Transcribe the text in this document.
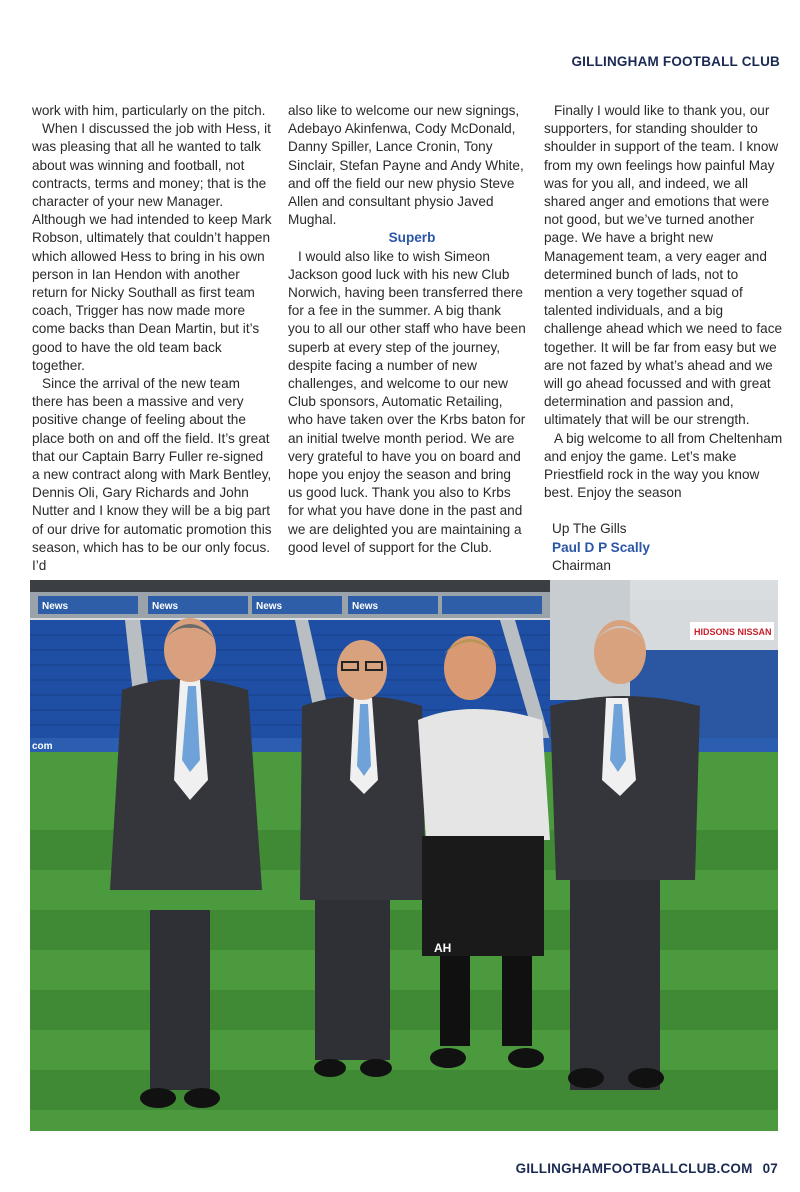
GILLINGHAM FOOTBALL CLUB

work with him, particularly on the pitch.

When I discussed the job with Hess, it was pleasing that all he wanted to talk about was winning and football, not contracts, terms and money; that is the character of your new Manager. Although we had intended to keep Mark Robson, ultimately that couldn’t happen which allowed Hess to bring in his own person in Ian Hendon with another return for Nicky Southall as first team coach, Trigger has now made more come backs than Dean Martin, but it’s good to have the old team back together.

Since the arrival of the new team there has been a massive and very positive change of feeling about the place both on and off the field. It’s great that our Captain Barry Fuller re-signed a new contract along with Mark Bentley, Dennis Oli, Gary Richards and John Nutter and I know they will be a big part of our drive for automatic promotion this season, which has to be our only focus. I’d

also like to welcome our new signings, Adebayo Akinfenwa, Cody McDonald, Danny Spiller, Lance Cronin, Tony Sinclair, Stefan Payne and Andy White, and off the field our new physio Steve Allen and consultant physio Javed Mughal.

Superb

I would also like to wish Simeon Jackson good luck with his new Club Norwich, having been transferred there for a fee in the summer. A big thank you to all our other staff who have been superb at every step of the journey, despite facing a number of new challenges, and welcome to our new Club sponsors, Automatic Retailing, who have taken over the Krbs baton for an initial twelve month period. We are very grateful to have you on board and hope you enjoy the season and bring us good luck. Thank you also to Krbs for what you have done in the past and we are delighted you are maintaining a good level of support for the Club.

Finally I would like to thank you, our supporters, for standing shoulder to shoulder in support of the team. I know from my own feelings how painful May was for you all, and indeed, we all shared anger and emotions that were not good, but we’ve turned another page. We have a bright new Management team, a very eager and determined bunch of lads, not to mention a very together squad of talented individuals, and a big challenge ahead which we need to face together. It will be far from easy but we are not fazed by what’s ahead and we will go ahead focussed and with great determination and passion and, ultimately that will be our strength.

A big welcome to all from Cheltenham and enjoy the game. Let’s make Priestfield rock in the way you know best. Enjoy the season

Up The Gills
Paul D P Scally
Chairman
News	News	News	News
HIDSONS NISSAN
com
AH
GILLINGHAMFOOTBALLCLUB.COM 07
